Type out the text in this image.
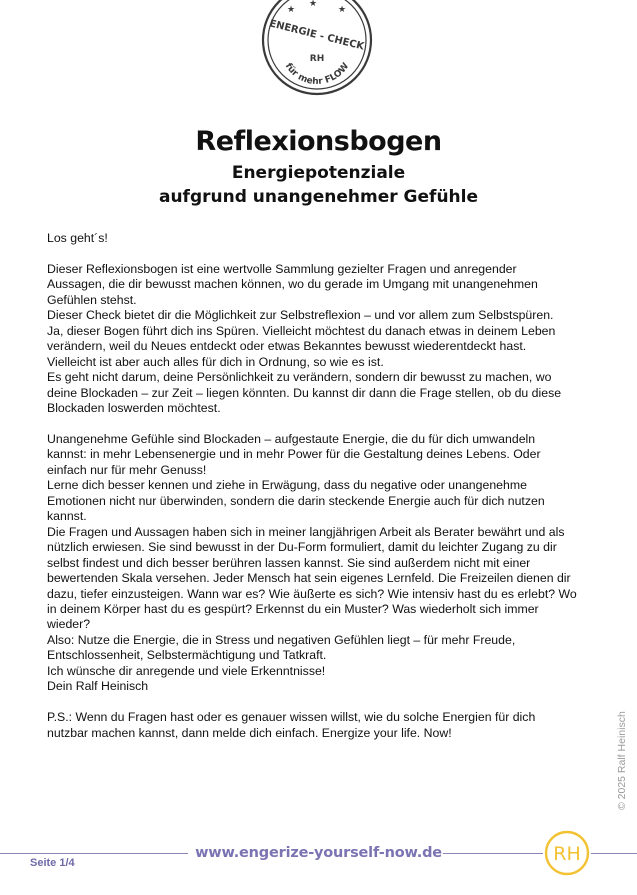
★
★
★
ENERGIE - CHECK
RH
für mehr FLOW
Reflexionsbogen
Energiepotenziale
aufgrund unangenehmer Gefühle

Los geht´s!

Dieser Reflexionsbogen ist eine wertvolle Sammlung gezielter Fragen und anregender
Aussagen, die dir bewusst machen können, wo du gerade im Umgang mit unangenehmen
Gefühlen stehst.
Dieser Check bietet dir die Möglichkeit zur Selbstreflexion – und vor allem zum Selbstspüren.
Ja, dieser Bogen führt dich ins Spüren. Vielleicht möchtest du danach etwas in deinem Leben
verändern, weil du Neues entdeckt oder etwas Bekanntes bewusst wiederentdeckt hast.
Vielleicht ist aber auch alles für dich in Ordnung, so wie es ist.
Es geht nicht darum, deine Persönlichkeit zu verändern, sondern dir bewusst zu machen, wo
deine Blockaden – zur Zeit – liegen könnten. Du kannst dir dann die Frage stellen, ob du diese
Blockaden loswerden möchtest.

Unangenehme Gefühle sind Blockaden – aufgestaute Energie, die du für dich umwandeln
kannst: in mehr Lebensenergie und in mehr Power für die Gestaltung deines Lebens. Oder
einfach nur für mehr Genuss!
Lerne dich besser kennen und ziehe in Erwägung, dass du negative oder unangenehme
Emotionen nicht nur überwinden, sondern die darin steckende Energie auch für dich nutzen
kannst.
Die Fragen und Aussagen haben sich in meiner langjährigen Arbeit als Berater bewährt und als
nützlich erwiesen. Sie sind bewusst in der Du-Form formuliert, damit du leichter Zugang zu dir
selbst findest und dich besser berühren lassen kannst. Sie sind außerdem nicht mit einer
bewertenden Skala versehen. Jeder Mensch hat sein eigenes Lernfeld. Die Freizeilen dienen dir
dazu, tiefer einzusteigen. Wann war es? Wie äußerte es sich? Wie intensiv hast du es erlebt? Wo
in deinem Körper hast du es gespürt? Erkennst du ein Muster? Was wiederholt sich immer
wieder?
Also: Nutze die Energie, die in Stress und negativen Gefühlen liegt – für mehr Freude,
Entschlossenheit, Selbstermächtigung und Tatkraft.
Ich wünsche dir anregende und viele Erkenntnisse!
Dein Ralf Heinisch

P.S.: Wenn du Fragen hast oder es genauer wissen willst, wie du solche Energien für dich
nutzbar machen kannst, dann melde dich einfach. Energize your life. Now!	© 2025 Ralf Heinisch
Seite 1/4
www.engerize-yourself-now.de	RH
